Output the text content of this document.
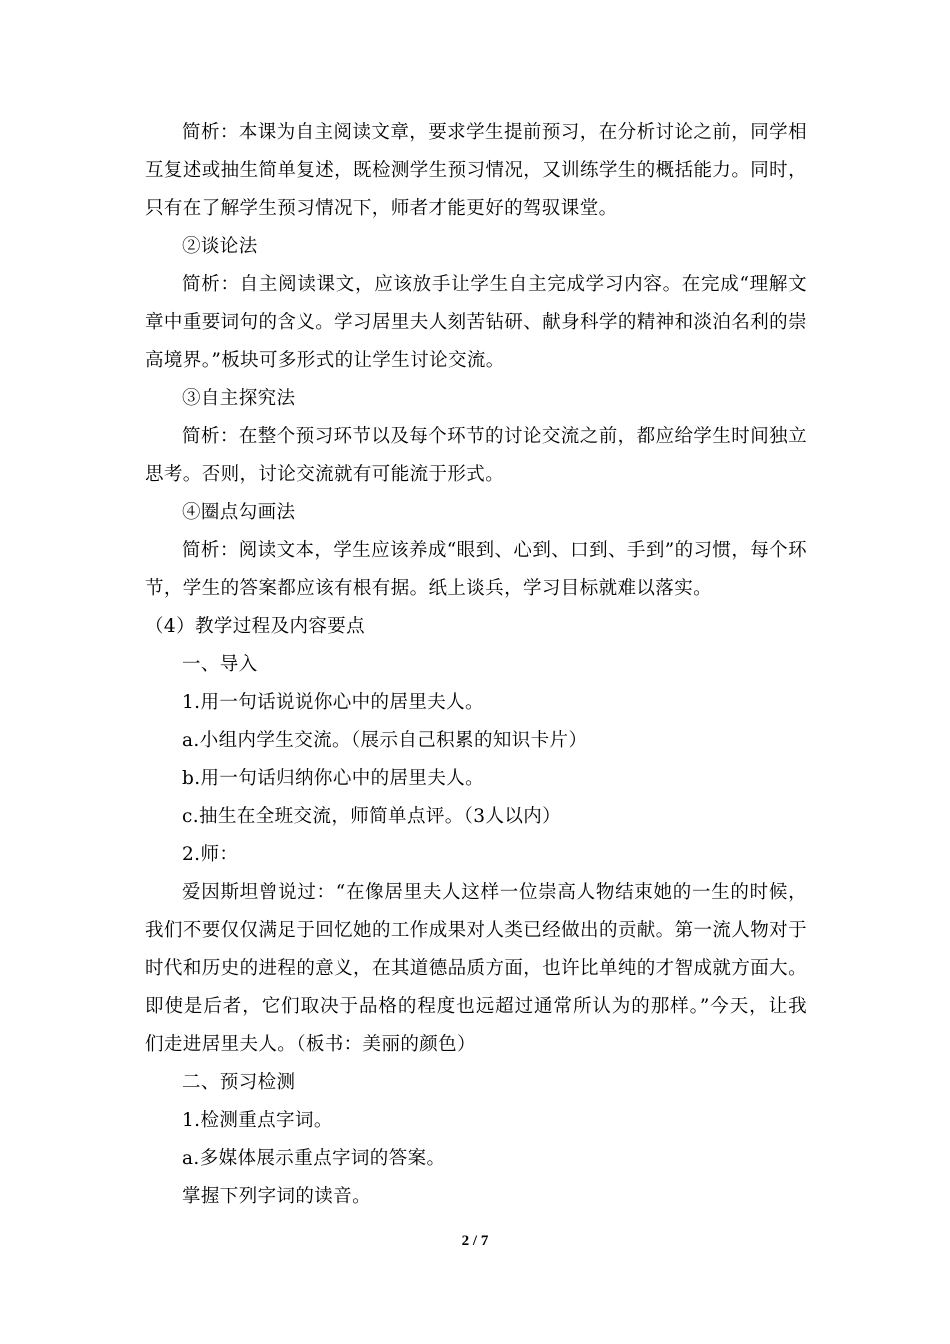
简析：本课为自主阅读文章，要求学生提前预习，在分析讨论之前，同学相互复述或抽生简单复述，既检测学生预习情况，又训练学生的概括能力。同时，只有在了解学生预习情况下，师者才能更好的驾驭课堂。

②谈论法

简析：自主阅读课文，应该放手让学生自主完成学习内容。在完成“理解文章中重要词句的含义。学习居里夫人刻苦钻研、献身科学的精神和淡泊名利的崇高境界。”板块可多形式的让学生讨论交流。

③自主探究法

简析：在整个预习环节以及每个环节的讨论交流之前，都应给学生时间独立思考。否则，讨论交流就有可能流于形式。

④圈点勾画法

简析：阅读文本，学生应该养成“眼到、心到、口到、手到”的习惯，每个环节，学生的答案都应该有根有据。纸上谈兵，学习目标就难以落实。

（4）教学过程及内容要点

一、导入

1.用一句话说说你心中的居里夫人。

a.小组内学生交流。（展示自己积累的知识卡片）

b.用一句话归纳你心中的居里夫人。

c.抽生在全班交流，师简单点评。（3人以内）

2.师：

爱因斯坦曾说过：“在像居里夫人这样一位崇高人物结束她的一生的时候，我们不要仅仅满足于回忆她的工作成果对人类已经做出的贡献。第一流人物对于时代和历史的进程的意义，在其道德品质方面，也许比单纯的才智成就方面大。即使是后者，它们取决于品格的程度也远超过通常所认为的那样。”今天，让我们走进居里夫人。（板书：美丽的颜色）

二、预习检测

1.检测重点字词。

a.多媒体展示重点字词的答案。

掌握下列字词的读音。

2 / 7
